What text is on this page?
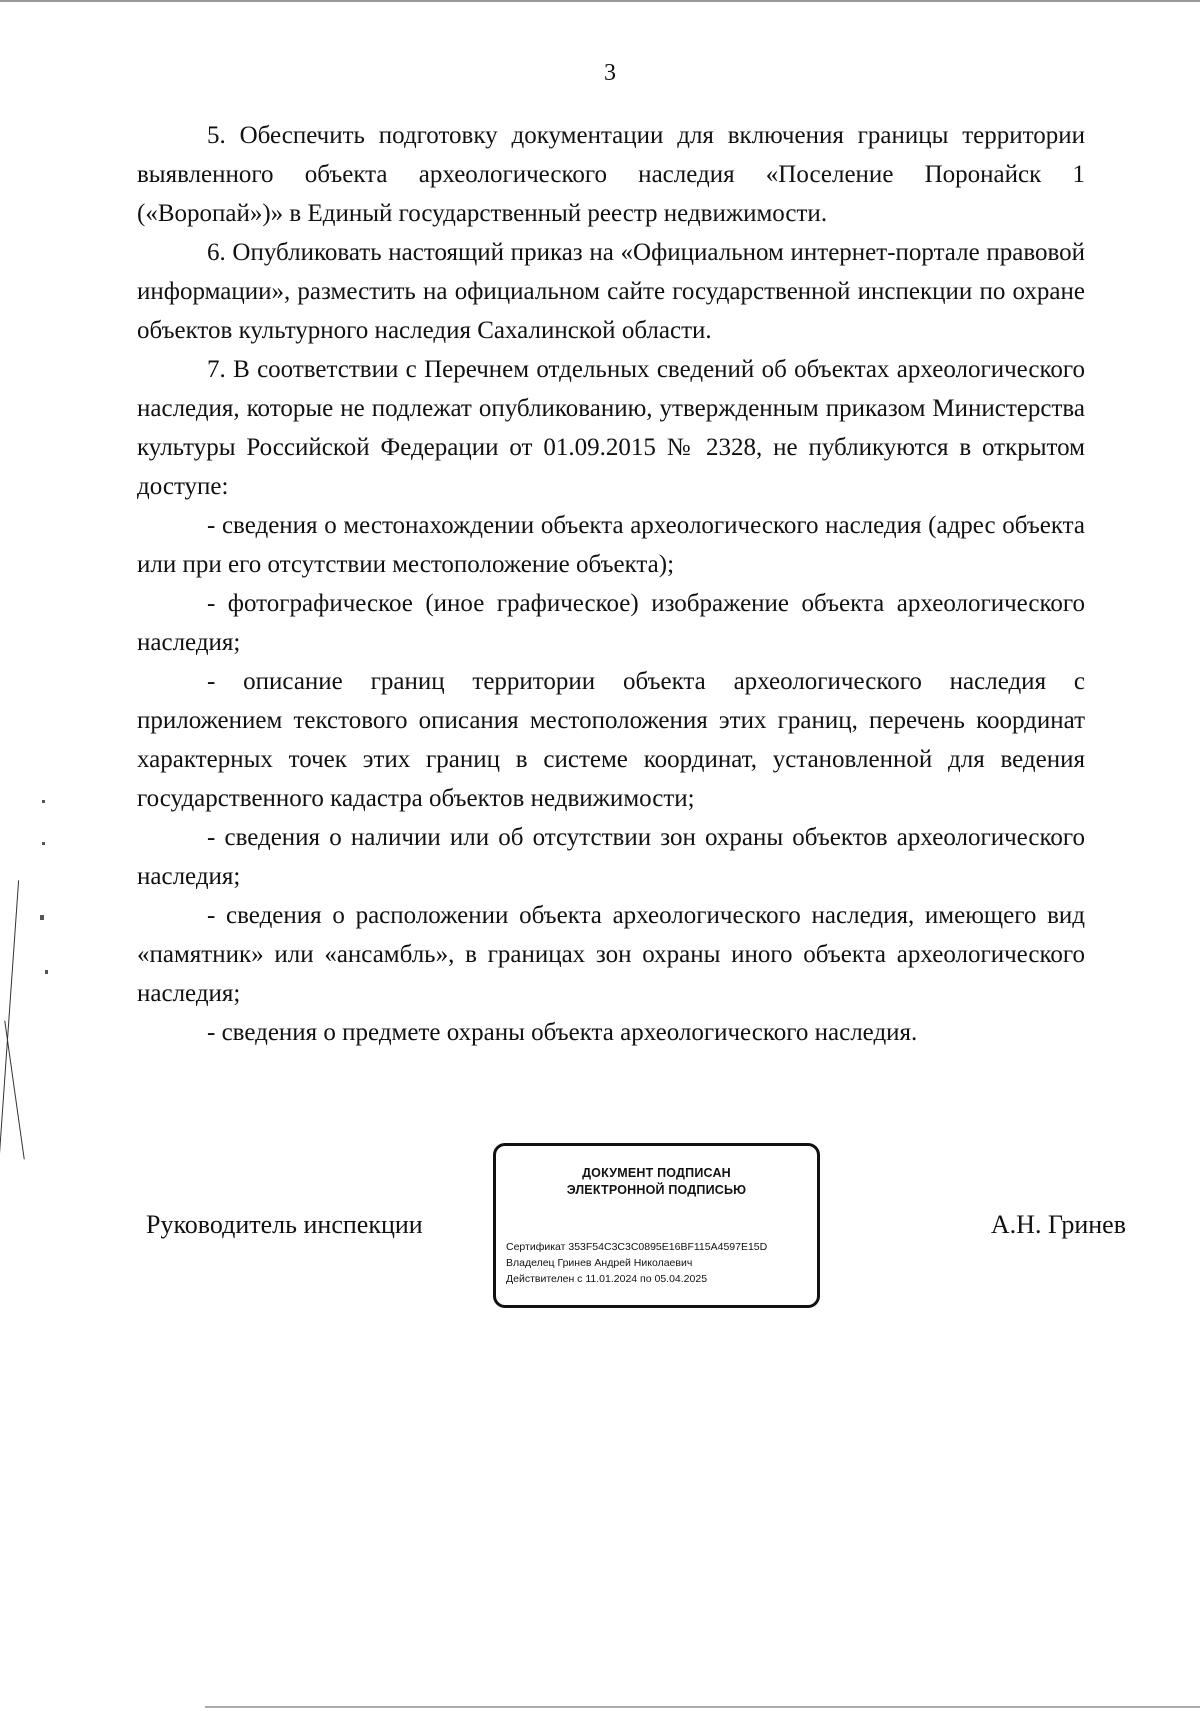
3

5. Обеспечить подготовку документации для включения границы территории выявленного объекта археологического наследия «Поселение Поронайск 1 («Воропай»)» в Единый государственный реестр недвижимости.

6. Опубликовать настоящий приказ на «Официальном интернет-портале правовой информации», разместить на официальном сайте государственной инспекции по охране объектов культурного наследия Сахалинской области.

7. В соответствии с Перечнем отдельных сведений об объектах археологического наследия, которые не подлежат опубликованию, утвержденным приказом Министерства культуры Российской Федерации от 01.09.2015 № 2328, не публикуются в открытом доступе:

- сведения о местонахождении объекта археологического наследия (адрес объекта или при его отсутствии местоположение объекта);

- фотографическое (иное графическое) изображение объекта археологического наследия;

- описание границ территории объекта археологического наследия с приложением текстового описания местоположения этих границ, перечень координат характерных точек этих границ в системе координат, установленной для ведения государственного кадастра объектов недвижимости;

- сведения о наличии или об отсутствии зон охраны объектов археологического наследия;

- сведения о расположении объекта археологического наследия, имеющего вид «памятник» или «ансамбль», в границах зон охраны иного объекта археологического наследия;

- сведения о предмете охраны объекта археологического наследия.

Руководитель инспекции
ДОКУМЕНТ ПОДПИСАН
ЭЛЕКТРОННОЙ ПОДПИСЬЮ
Сертификат 353F54C3C3C0895E16BF115A4597E15D
Владелец Гринев Андрей Николаевич
Действителен с 11.01.2024 по 05.04.2025
А.Н. Гринев
